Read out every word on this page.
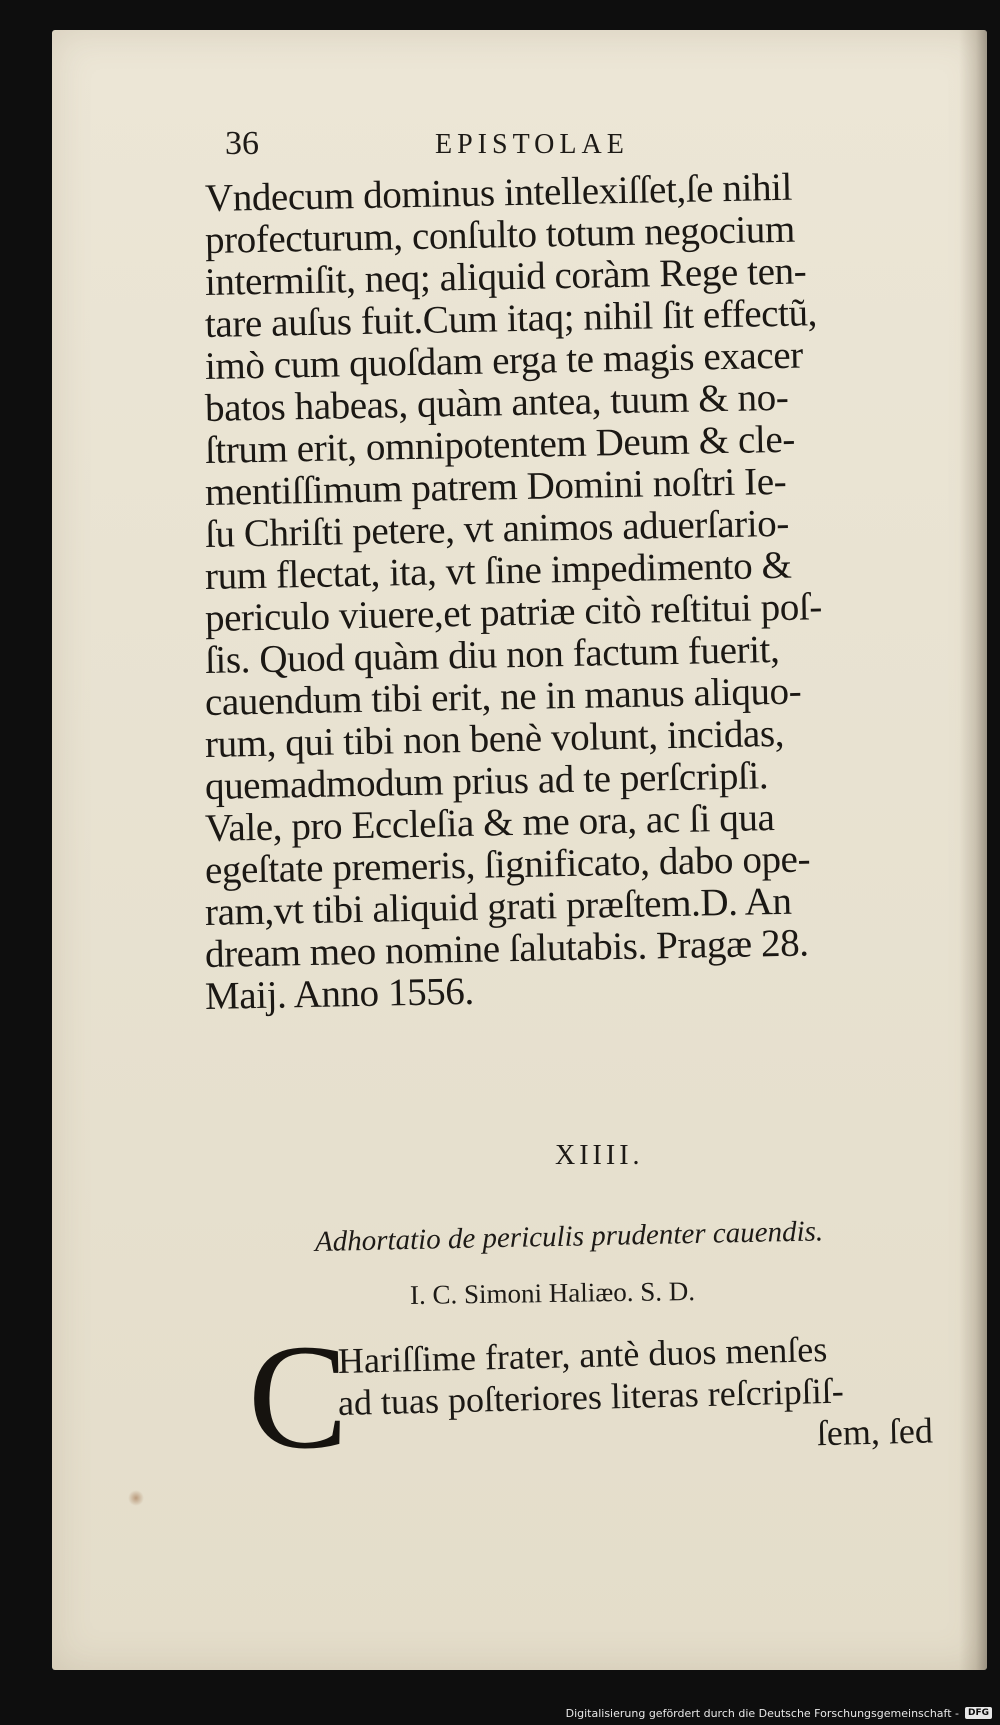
36	EPISTOLAE
Vndecum dominus intellexiſſet,ſe nihil
profecturum, conſulto totum negocium
intermiſit, neq; aliquid coràm Rege ten-
tare auſus fuit.Cum itaq; nihil ſit effectũ,
imò cum quoſdam erga te magis exacer
batos habeas, quàm antea, tuum & no-
ſtrum erit, omnipotentem Deum & cle-
mentiſſimum patrem Domini noſtri Ie-
ſu Chriſti petere, vt animos aduerſario-
rum flectat, ita, vt ſine impedimento &
periculo viuere,et patriæ citò reſtitui poſ-
ſis. Quod quàm diu non factum fuerit,
cauendum tibi erit, ne in manus aliquo-
rum, qui tibi non benè volunt, incidas,
quemadmodum prius ad te perſcripſi.
Vale, pro Eccleſia & me ora, ac ſi qua
egeſtate premeris, ſignificato, dabo ope-
ram,vt tibi aliquid grati præſtem.D. An
dream meo nomine ſalutabis. Pragæ 28.
Maij. Anno 1556.
XIIII.
Adhortatio de periculis prudenter cauendis.
I. C. Simoni Haliæo. S. D.
C
Hariſſime frater, antè duos menſes
ad tuas poſteriores literas reſcripſiſ-
ſem, ſed
Digitalisierung gefördert durch die Deutsche Forschungsgemeinschaft -	DFG
